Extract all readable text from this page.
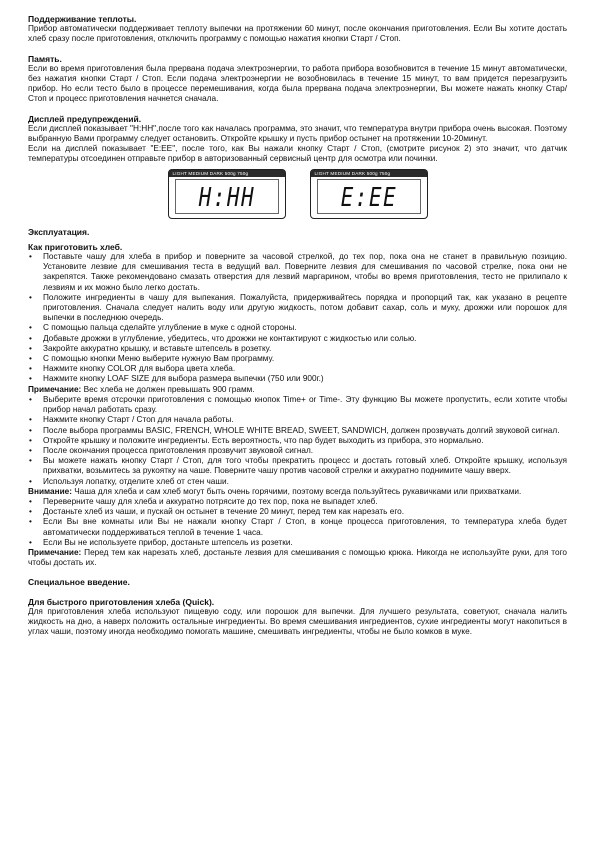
Поддерживание теплоты.

Прибор автоматически поддерживает теплоту выпечки на протяжении 60 минут, после окончания приготовления. Если Вы хотите достать хлеб сразу после приготовления, отключить программу с помощью нажатия кнопки Старт / Стоп.

Память.

Если во время приготовления была прервана подача электроэнергии, то работа прибора возобновится в течение 15 минут автоматически, без нажатия кнопки Старт / Стоп. Если подача электроэнергии не возобновилась в течение 15 минут, то вам придется перезагрузить прибор. Но если тесто было в процессе перемешивания, когда была прервана подача электроэнергии, Вы можете нажать кнопку Стар/Стоп и процесс приготовления начнется сначала.

Дисплей предупреждений.

Если дисплей показывает "H:HH",после того как началась программа, это значит, что температура внутри прибора очень высокая. Поэтому выбранную Вами программу следует остановить. Откройте крышку и пусть прибор остынет на протяжении 10-20минут.

Если на дисплей показывает "E:EE", после того, как Вы нажали кнопку Старт / Стоп, (смотрите рисунок 2) это значит, что датчик температуры отсоединен отправьте прибор в авторизованный сервисный центр для осмотра или починки.

LIGHT MEDIUM DARK 500g 750g
H:HH
LIGHT MEDIUM DARK 500g 750g
E:EE
Эксплуатация.
Как приготовить хлеб.
• Поставьте чашу для хлеба в прибор и поверните за часовой стрелкой, до тех пор, пока она не станет в правильную позицию. Установите лезвие для смешивания теста в ведущий вал. Поверните лезвия для смешивания по часовой стрелке, пока они не закрепятся. Также рекомендовано смазать отверстия для лезвий маргарином, чтобы во время приготовления, тесто не прилипало к лезвиям и их можно было легко достать.
• Положите ингредиенты в чашу для выпекания. Пожалуйста, придерживайтесь порядка и пропорций так, как указано в рецепте приготовления. Сначала следует налить воду или другую жидкость, потом добавит сахар, соль и муку, дрожжи или порошок для выпечки в последнюю очередь.
• С помощью пальца сделайте углубление в муке с одной стороны.
• Добавьте дрожжи в углубление, убедитесь, что дрожжи не контактируют с жидкостью или солью.
• Закройте аккуратно крышку, и вставьте штепсель в розетку.
• С помощью кнопки Меню выберите нужную Вам программу.
• Нажмите кнопку COLOR для выбора цвета хлеба.
• Нажмите кнопку LOAF SIZE для выбора размера выпечки (750 или 900г.)

Примечание: Вес хлеба не должен превышать 900 грамм.

• Выберите время отсрочки приготовления с помощью кнопок Time+ or Time-. Эту функцию Вы можете пропустить, если хотите чтобы прибор начал работать сразу.
• Нажмите кнопку Старт / Стоп для начала работы.
• После выбора программы BASIC, FRENCH, WHOLE WHITE BREAD, SWEET, SANDWICH, должен прозвучать долгий звуковой сигнал.
• Откройте крышку и положите ингредиенты. Есть вероятность, что пар будет выходить из прибора, это нормально.
• После окончания процесса приготовления прозвучит звуковой сигнал.
• Вы можете нажать кнопку Старт / Стоп, для того чтобы прекратить процесс и достать готовый хлеб. Откройте крышку, используя прихватки, возьмитесь за рукоятку на чаше. Поверните чашу против часовой стрелки и аккуратно поднимите чашу вверх.
• Используя лопатку, отделите хлеб от стен чаши.

Внимание: Чаша для хлеба и сам хлеб могут быть очень горячими, поэтому всегда пользуйтесь рукавичками или прихватками.

• Переверните чашу для хлеба и аккуратно потрясите до тех пор, пока не выпадет хлеб.
• Достаньте хлеб из чаши, и пускай он остынет в течение 20 минут, перед тем как нарезать его.
• Если Вы вне комнаты или Вы не нажали кнопку Старт / Стоп, в конце процесса приготовления, то температура хлеба будет автоматически поддерживаться теплой в течение 1 часа.
• Если Вы не используете прибор, достаньте штепсель из розетки.

Примечание: Перед тем как нарезать хлеб, достаньте лезвия для смешивания с помощью крюка. Никогда не используйте руки, для того чтобы достать их.

Специальное введение.
Для быстрого приготовления хлеба (Quick).

Для приготовления хлеба используют пищевую соду, или порошок для выпечки. Для лучшего результата, советуют, сначала налить жидкость на дно, а наверх положить остальные ингредиенты. Во время смешивания ингредиентов, сухие ингредиенты могут накопиться в углах чаши, поэтому иногда необходимо помогать машине, смешивать ингредиенты, чтобы не было комков в муке.
